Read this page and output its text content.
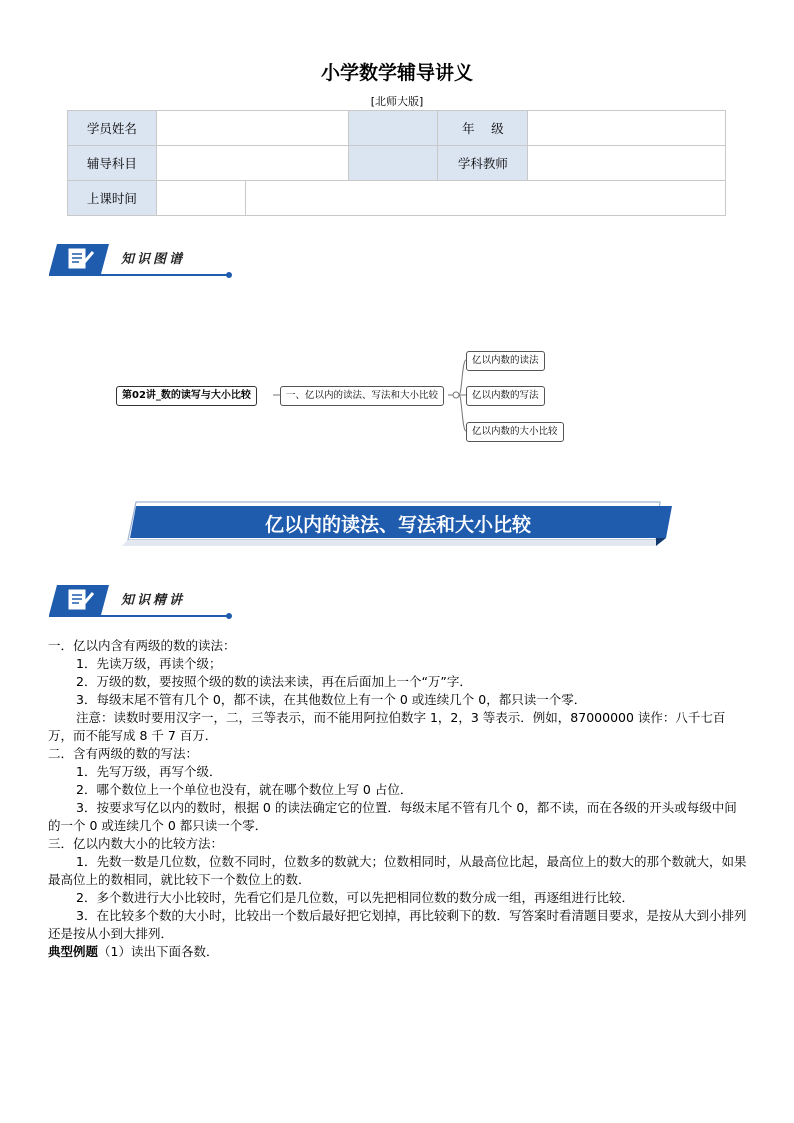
小学数学辅导讲义
[北师大版]
学员姓名				年　 级	
辅导科目				学科教师	
上课时间					
知识图谱
第02讲_数的读写与大小比较	一、亿以内的读法、写法和大小比较
亿以内数的读法
亿以内数的写法
亿以内数的大小比较
亿以内的读法、写法和大小比较
知识精讲

一．亿以内含有两级的数的读法：

1．先读万级，再读个级；

2．万级的数，要按照个级的数的读法来读，再在后面加上一个“万”字．

3．每级末尾不管有几个 0，都不读，在其他数位上有一个 0 或连续几个 0，都只读一个零．

注意：读数时要用汉字一，二，三等表示，而不能用阿拉伯数字 1，2，3 等表示．例如，87000000 读作：八千七百万，而不能写成 8 千 7 百万．

二．含有两级的数的写法：

1．先写万级，再写个级．

2．哪个数位上一个单位也没有，就在哪个数位上写 0 占位．

3．按要求写亿以内的数时，根据 0 的读法确定它的位置．每级末尾不管有几个 0，都不读，而在各级的开头或每级中间的一个 0 或连续几个 0 都只读一个零．

三．亿以内数大小的比较方法：

1．先数一数是几位数，位数不同时，位数多的数就大；位数相同时，从最高位比起，最高位上的数大的那个数就大，如果最高位上的数相同，就比较下一个数位上的数．

2．多个数进行大小比较时，先看它们是几位数，可以先把相同位数的数分成一组，再逐组进行比较．

3．在比较多个数的大小时，比较出一个数后最好把它划掉，再比较剩下的数．写答案时看清题目要求，是按从大到小排列还是按从小到大排列．

典型例题（1）读出下面各数．
